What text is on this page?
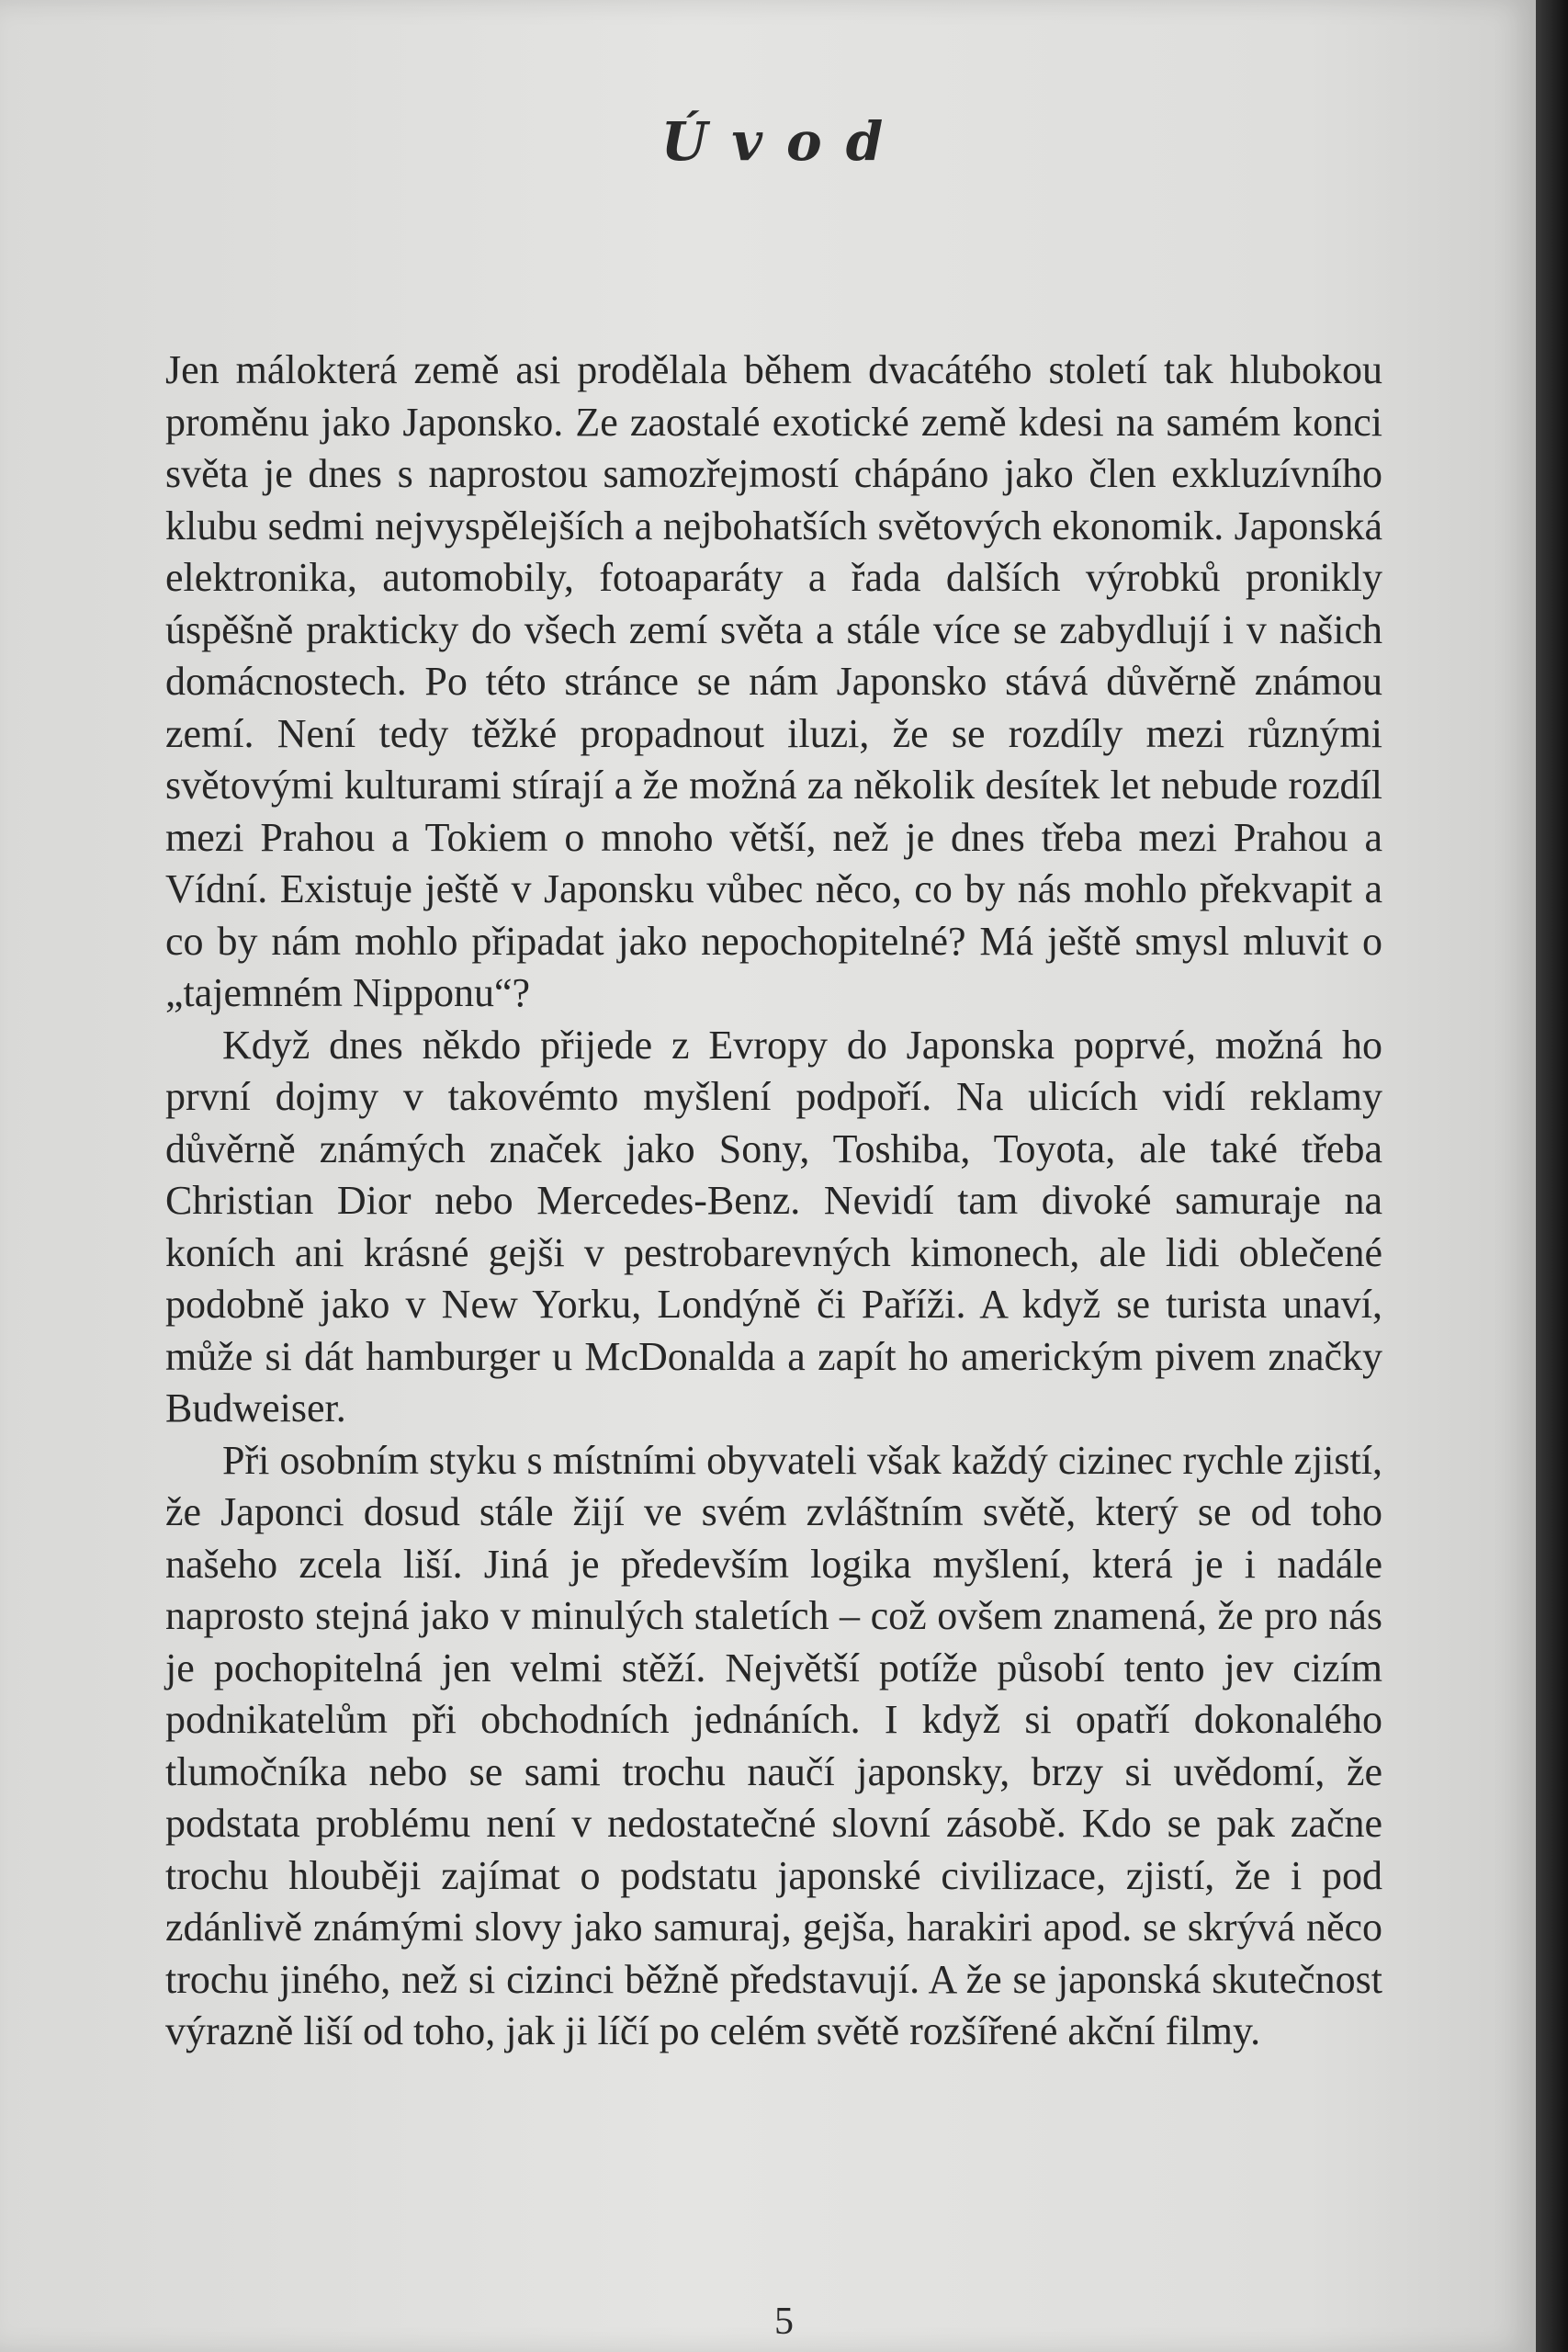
Úvod

Jen málokterá země asi prodělala během dvacátého století tak hlubokou proměnu jako Japonsko. Ze zaostalé exotické země kdesi na samém konci světa je dnes s naprostou samozřejmostí chápáno jako člen exkluzívního klubu sedmi nejvyspělejších a nejbohatších světových ekonomik. Japonská elektronika, automobily, fotoaparáty a řada dalších výrobků pronikly úspěšně prakticky do všech zemí světa a stále více se zabydlují i v našich domácnostech. Po této stránce se nám Japonsko stává důvěrně známou zemí. Není tedy těžké propadnout iluzi, že se rozdíly mezi různými světovými kulturami stírají a že možná za několik desítek let nebude rozdíl mezi Prahou a Tokiem o mnoho větší, než je dnes třeba mezi Prahou a Vídní. Existuje ještě v Japonsku vůbec něco, co by nás mohlo překvapit a co by nám mohlo připadat jako nepochopitelné? Má ještě smysl mluvit o „tajemném Nipponu“?

Když dnes někdo přijede z Evropy do Japonska poprvé, možná ho první dojmy v takovémto myšlení podpoří. Na ulicích vidí reklamy důvěrně známých značek jako Sony, Toshiba, Toyota, ale také třeba Christian Dior nebo Mercedes-Benz. Nevidí tam divoké samuraje na koních ani krásné gejši v pestrobarevných kimonech, ale lidi oblečené podobně jako v New Yorku, Londýně či Paříži. A když se turista unaví, může si dát hamburger u McDonalda a zapít ho americkým pivem značky Budweiser.

Při osobním styku s místními obyvateli však každý cizinec rychle zjistí, že Japonci dosud stále žijí ve svém zvláštním světě, který se od toho našeho zcela liší. Jiná je především logika myšlení, která je i nadále naprosto stejná jako v minulých staletích – což ovšem znamená, že pro nás je pochopitelná jen velmi stěží. Největší potíže působí tento jev cizím podnikatelům při obchodních jednáních. I když si opatří dokonalého tlumočníka nebo se sami trochu naučí japonsky, brzy si uvědomí, že podstata problému není v nedostatečné slovní zásobě. Kdo se pak začne trochu hlouběji zajímat o podstatu japonské civilizace, zjistí, že i pod zdánlivě známými slovy jako samuraj, gejša, harakiri apod. se skrývá něco trochu jiného, než si cizinci běžně představují. A že se japonská skutečnost výrazně liší od toho, jak ji líčí po celém světě rozšířené akční filmy.

5
